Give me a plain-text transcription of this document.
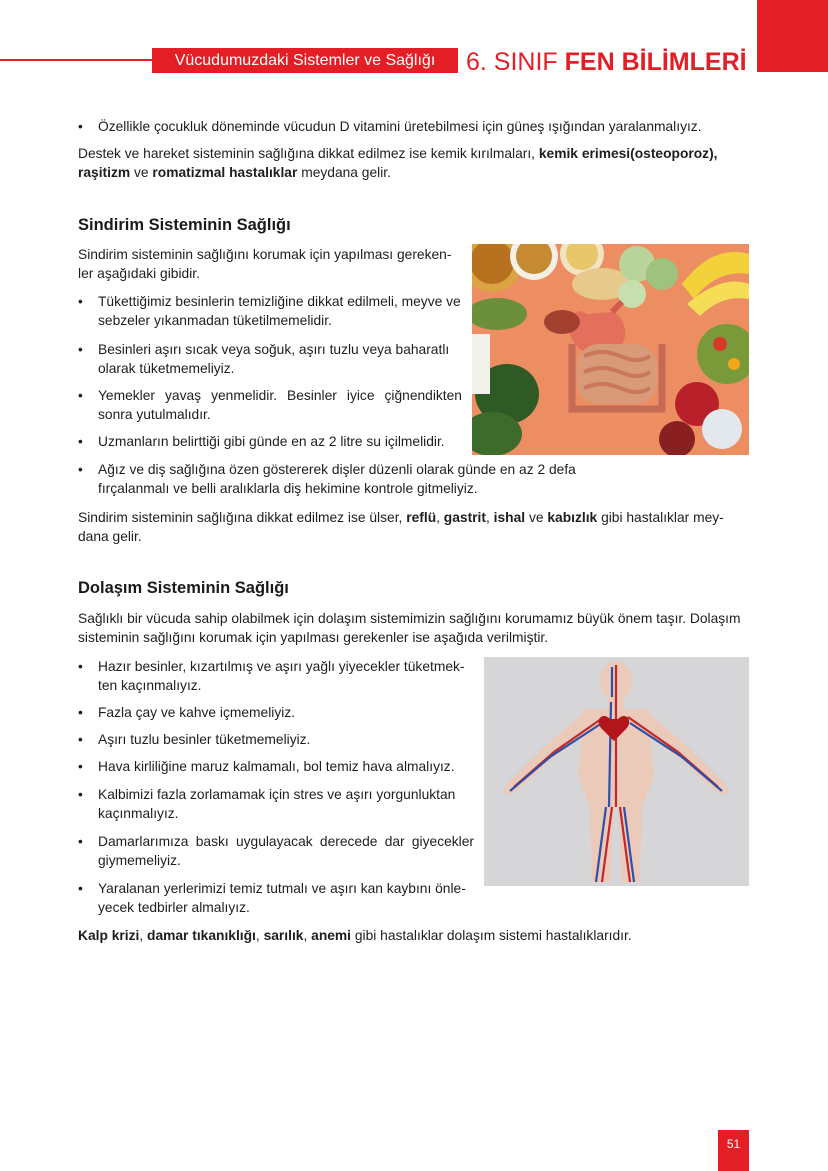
Vücudumuzdaki Sistemler ve Sağlığı	6. SINIF FEN BİLİMLERİ
•	Özellikle çocukluk döneminde vücudun D vitamini üretebilmesi için güneş ışığından yaralanmalıyız.

Destek ve hareket sisteminin sağlığına dikkat edilmez ise kemik kırılmaları, kemik erimesi(osteoporoz), raşitizm ve romatizmal hastalıklar meydana gelir.

Sindirim Sisteminin Sağlığı

Sindirim sisteminin sağlığını korumak için yapılması gereken-ler aşağıdaki gibidir.

•	Tükettiğimiz besinlerin temizliğine dikkat edilmeli, meyve ve sebzeler yıkanmadan tüketilmemelidir.
•	Besinleri aşırı sıcak veya soğuk, aşırı tuzlu veya baharatlı olarak tüketmemeliyiz.
•	Yemekler yavaş yenmelidir. Besinler iyice çiğnendikten sonra yutulmalıdır.
•	Uzmanların belirttiği gibi günde en az 2 litre su içilmelidir.
•	Ağız ve diş sağlığına özen göstererek dişler düzenli olarak günde en az 2 defa fırçalanmalı ve belli aralıklarla diş hekimine kontrole gitmeliyiz.

Sindirim sisteminin sağlığına dikkat edilmez ise ülser, reflü, gastrit, ishal ve kabızlık gibi hastalıklar mey-dana gelir.

Dolaşım Sisteminin Sağlığı

Sağlıklı bir vücuda sahip olabilmek için dolaşım sistemimizin sağlığını korumamız büyük önem taşır. Dolaşım sisteminin sağlığını korumak için yapılması gerekenler ise aşağıda verilmiştir.

•	Hazır besinler, kızartılmış ve aşırı yağlı yiyecekler tüketmek-ten kaçınmalıyız.
•	Fazla çay ve kahve içmemeliyiz.
•	Aşırı tuzlu besinler tüketmemeliyiz.
•	Hava kirliliğine maruz kalmamalı, bol temiz hava almalıyız.
•	Kalbimizi fazla zorlamamak için stres ve aşırı yorgunluktan kaçınmalıyız.
•	Damarlarımıza baskı uygulayacak derecede dar giyecekler giymemeliyiz.
•	Yaralanan yerlerimizi temiz tutmalı ve aşırı kan kaybını önle-yecek tedbirler almalıyız.

Kalp krizi, damar tıkanıklığı, sarılık, anemi gibi hastalıklar dolaşım sistemi hastalıklarıdır.

51
